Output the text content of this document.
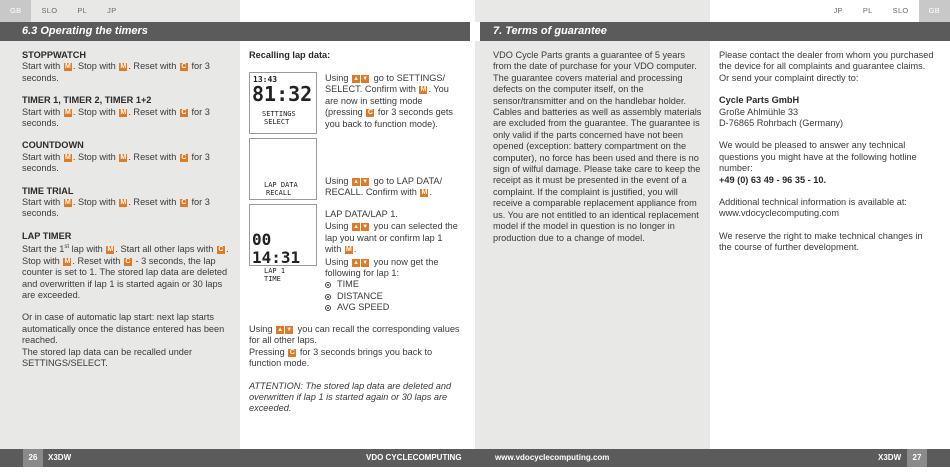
GB	SLO	PL	JP	JP	PL	SLO	GB
6.3 Operating the timers	7. Terms of guarantee

STOPPWATCH

Start with M . Stop with M . Reset with C for 3 seconds.

TIMER 1, TIMER 2, TIMER 1+2

Start with M . Stop with M . Reset with C for 3 seconds.

COUNTDOWN

Start with M . Stop with M . Reset with C for 3 seconds.

TIME TRIAL

Start with M . Stop with M . Reset with C for 3 seconds.

LAP TIMER

Start the 1st lap with M . Start all other laps with C . Stop with M . Reset with C - 3 seconds, the lap counter is set to 1. The stored lap data are deleted and overwritten if lap 1 is started again or 30 laps are exceeded.

Or in case of automatic lap start: next lap starts automatically once the distance entered has been reached.

The stored lap data can be recalled under SETTINGS/SELECT.

Recalling lap data:
13:43
81:32
SETTINGS
SELECT
LAP DATA
RECALL
00 14:31
LAP 1
TIME
Using ▲ ▼ go to SETTINGS/ SELECT. Confirm with M . You are now in setting mode (pressing C for 3 seconds gets you back to function mode).
Using ▲ ▼ go to LAP DATA/ RECALL. Confirm with M .

LAP DATA/LAP 1.

Using ▲ ▼ you can selected the lap you want or confirm lap 1 with M .

Using ▲ ▼ you now get the following for lap 1:

TIME
DISTANCE
AVG SPEED

Using ▲ ▼ you can recall the corresponding values for all other laps.

Pressing C for 3 seconds brings you back to function mode.

ATTENTION: The stored lap data are deleted and overwritten if lap 1 is started again or 30 laps are exceeded.

VDO Cycle Parts grants a guarantee of 5 years from the date of purchase for your VDO computer. The guarantee covers material and processing defects on the computer itself, on the sensor/transmitter and on the handlebar holder. Cables and batteries as well as assembly materials are excluded from the guarantee. The guarantee is only valid if the parts concerned have not been opened (exception: battery compartment on the computer), no force has been used and there is no sign of wilful damage. Please take care to keep the receipt as it must be presented in the event of a complaint. If the complaint is justified, you will receive a comparable replacement appliance from us. You are not entitled to an identical replacement model if the model in question is no longer in production due to a change of model.

Please contact the dealer from whom you purchased the device for all complaints and guarantee claims. Or send your complaint directly to:

Cycle Parts GmbH

Große Ahlmühle 33

D-76865 Rohrbach (Germany)

We would be pleased to answer any technical questions you might have at the following hotline number:

+49 (0) 63 49 - 96 35 - 10.

Additional technical information is available at: www.vdocyclecomputing.com

We reserve the right to make technical changes in the course of further development.

26	X3DW	VDO CYCLECOMPUTING	www.vdocyclecomputing.com	X3DW	27
